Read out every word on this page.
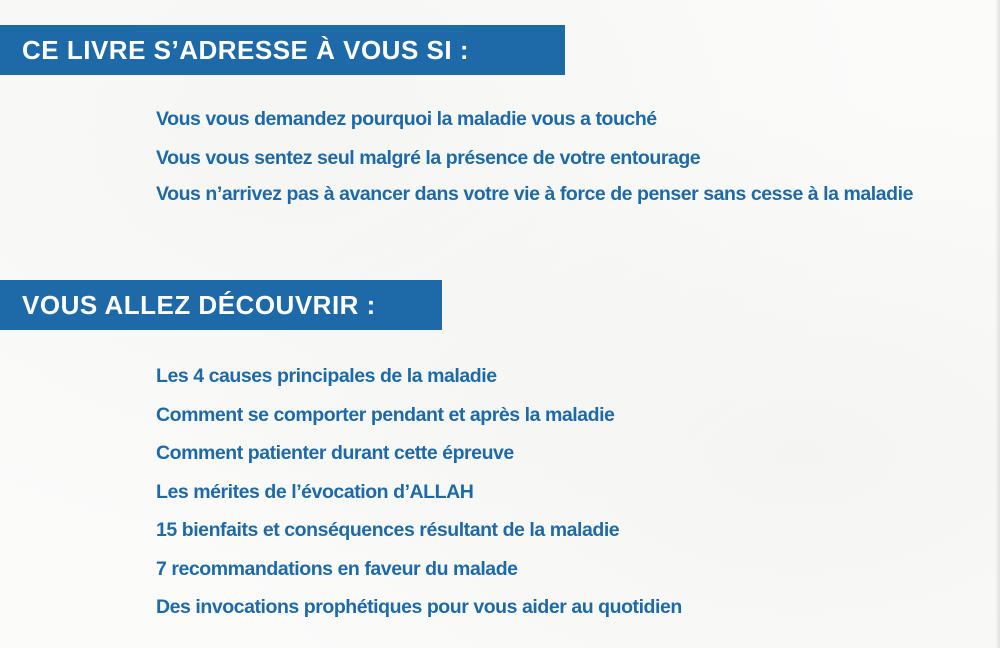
CE LIVRE S’ADRESSE À VOUS SI :
Vous vous demandez pourquoi la maladie vous a touché
Vous vous sentez seul malgré la présence de votre entourage
Vous n’arrivez pas à avancer dans votre vie à force de penser sans cesse à la maladie
VOUS ALLEZ DÉCOUVRIR :
Les 4 causes principales de la maladie
Comment se comporter pendant et après la maladie
Comment patienter durant cette épreuve
Les mérites de l’évocation d’ALLAH
15 bienfaits et conséquences résultant de la maladie
7 recommandations en faveur du malade
Des invocations prophétiques pour vous aider au quotidien
